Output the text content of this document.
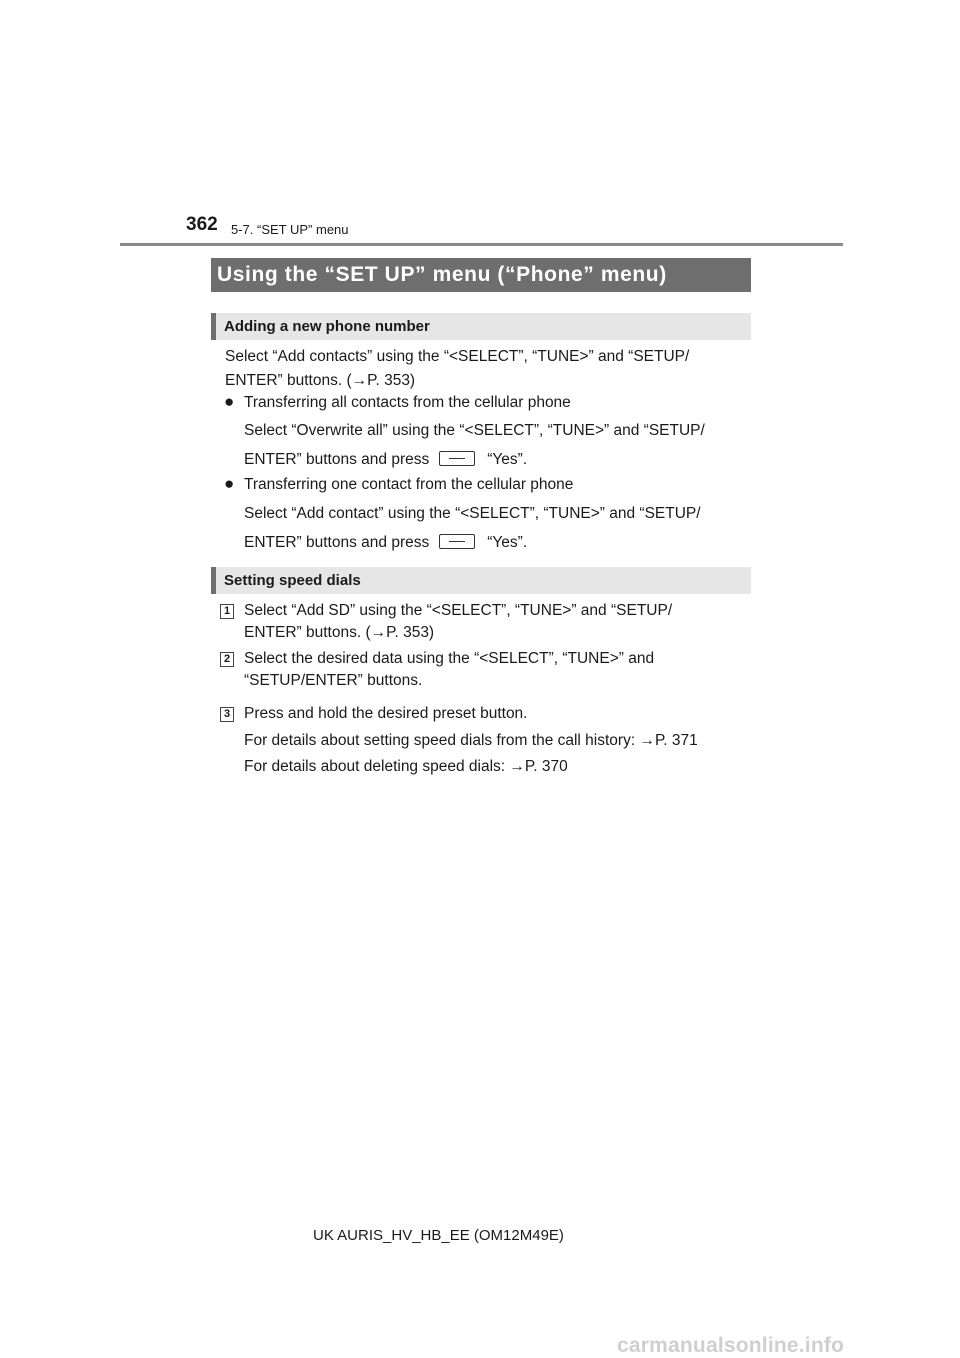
362 5-7. “SET UP” menu
Using the “SET UP” menu (“Phone” menu)
Adding a new phone number
Select “Add contacts” using the “<SELECT”, “TUNE>” and “SETUP/
ENTER” buttons. (→P. 353)
● Transferring all contacts from the cellular phone
Select “Overwrite all” using the “<SELECT”, “TUNE>” and “SETUP/
ENTER” buttons and press	“Yes”.
● Transferring one contact from the cellular phone
Select “Add contact” using the “<SELECT”, “TUNE>” and “SETUP/
ENTER” buttons and press	“Yes”.
Setting speed dials
1 Select “Add SD” using the “<SELECT”, “TUNE>” and “SETUP/
ENTER” buttons. (→P. 353)
2 Select the desired data using the “<SELECT”, “TUNE>” and
“SETUP/ENTER” buttons.
3 Press and hold the desired preset button.
For details about setting speed dials from the call history: →P. 371
For details about deleting speed dials: →P. 370
UK AURIS_HV_HB_EE (OM12M49E)
carmanualsonline.info
